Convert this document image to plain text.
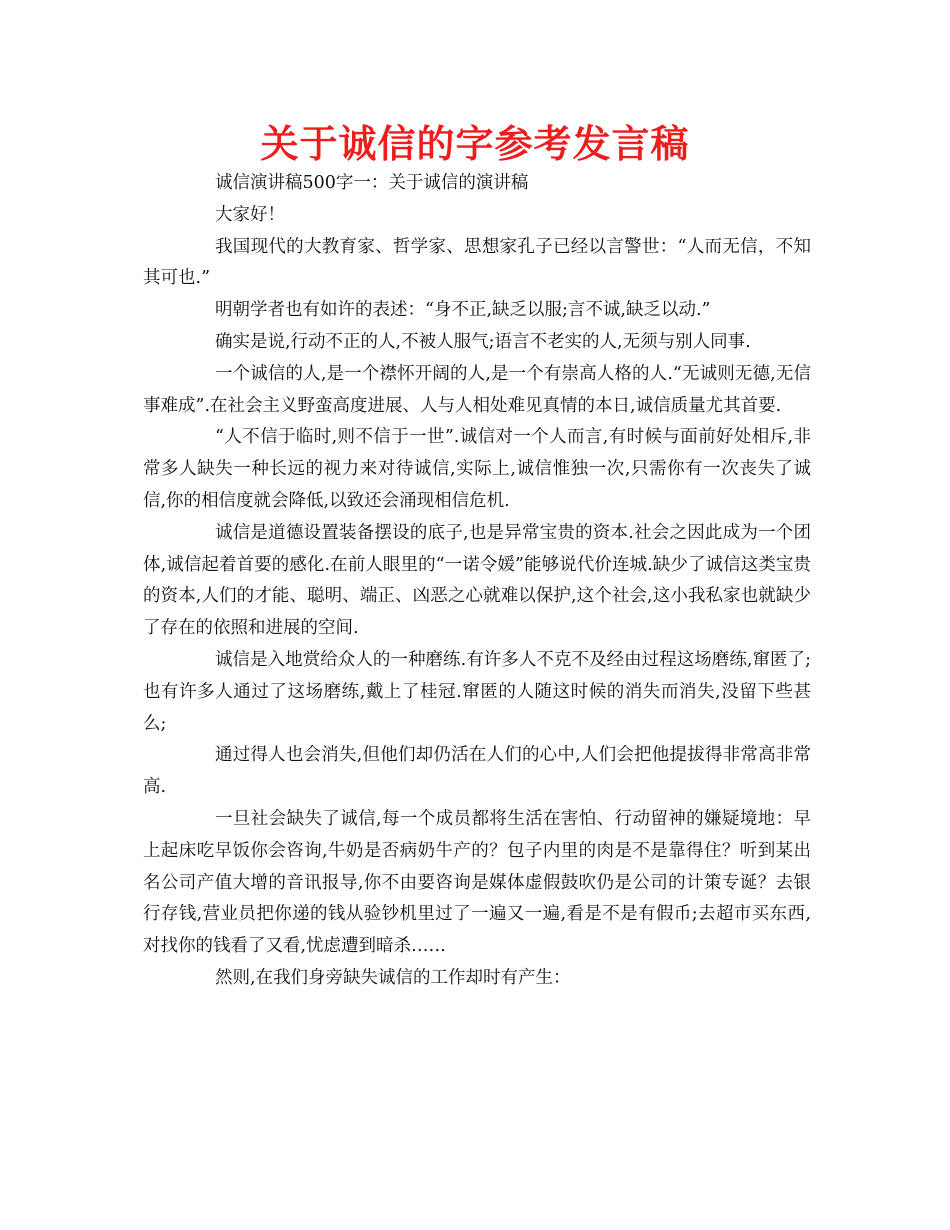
关于诚信的字参考发言稿

诚信演讲稿500字一：关于诚信的演讲稿

大家好！

我国现代的大教育家、哲学家、思想家孔子已经以言警世：“人而无信，不知其可也.”

明朝学者也有如许的表述：“身不正,缺乏以服;言不诚,缺乏以动.”

确实是说,行动不正的人,不被人服气;语言不老实的人,无须与别人同事.

一个诚信的人,是一个襟怀开阔的人,是一个有崇高人格的人.“无诚则无德,无信事难成”.在社会主义野蛮高度进展、人与人相处难见真情的本日,诚信质量尤其首要.

“人不信于临时,则不信于一世”.诚信对一个人而言,有时候与面前好处相斥,非常多人缺失一种长远的视力来对待诚信,实际上,诚信惟独一次,只需你有一次丧失了诚信,你的相信度就会降低,以致还会涌现相信危机.

诚信是道德设置装备摆设的底子,也是异常宝贵的资本.社会之因此成为一个团体,诚信起着首要的感化.在前人眼里的“一诺令媛”能够说代价连城.缺少了诚信这类宝贵的资本,人们的才能、聪明、端正、凶恶之心就难以保护,这个社会,这小我私家也就缺少了存在的依照和进展的空间.

诚信是入地赏给众人的一种磨练.有许多人不克不及经由过程这场磨练,窜匿了;也有许多人通过了这场磨练,戴上了桂冠.窜匿的人随这时候的消失而消失,没留下些甚么;

通过得人也会消失,但他们却仍活在人们的心中,人们会把他提拔得非常高非常高.

一旦社会缺失了诚信,每一个成员都将生活在害怕、行动留神的嫌疑境地：早上起床吃早饭你会咨询,牛奶是否病奶牛产的？包子内里的肉是不是靠得住？听到某出名公司产值大增的音讯报导,你不由要咨询是媒体虚假鼓吹仍是公司的计策专诞？去银行存钱,营业员把你递的钱从验钞机里过了一遍又一遍,看是不是有假币;去超市买东西,对找你的钱看了又看,忧虑遭到暗杀……

然则,在我们身旁缺失诚信的工作却时有产生：
